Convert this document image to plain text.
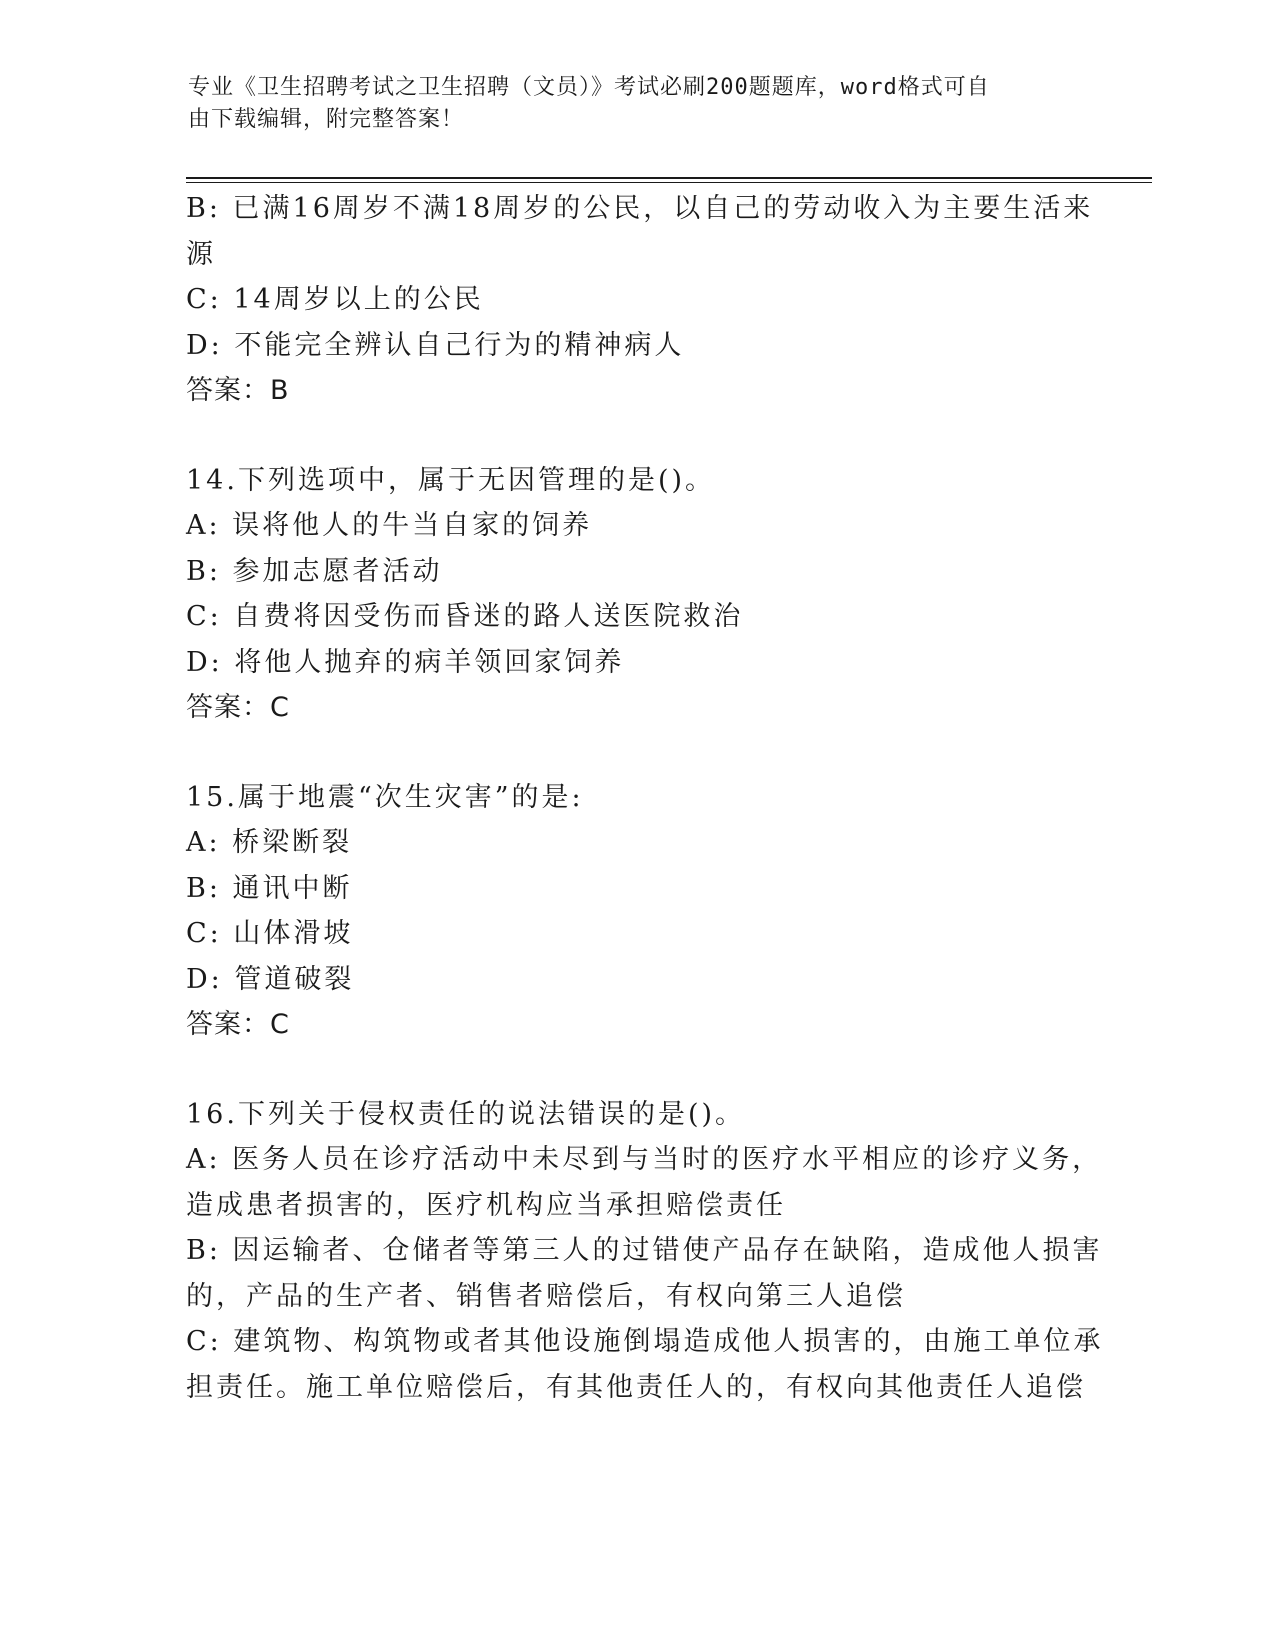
专业《卫生招聘考试之卫生招聘（文员）》考试必刷200题题库，word格式可自
由下载编辑，附完整答案！
B: 已满16周岁不满18周岁的公民，以自己的劳动收入为主要生活来
源
C: 14周岁以上的公民
D: 不能完全辨认自己行为的精神病人
答案：B
14.下列选项中，属于无因管理的是()。
A: 误将他人的牛当自家的饲养
B: 参加志愿者活动
C: 自费将因受伤而昏迷的路人送医院救治
D: 将他人抛弃的病羊领回家饲养
答案：C
15.属于地震“次生灾害”的是:
A: 桥梁断裂
B: 通讯中断
C: 山体滑坡
D: 管道破裂
答案：C
16.下列关于侵权责任的说法错误的是()。
A: 医务人员在诊疗活动中未尽到与当时的医疗水平相应的诊疗义务，
造成患者损害的，医疗机构应当承担赔偿责任
B: 因运输者、仓储者等第三人的过错使产品存在缺陷，造成他人损害
的，产品的生产者、销售者赔偿后，有权向第三人追偿
C: 建筑物、构筑物或者其他设施倒塌造成他人损害的，由施工单位承
担责任。施工单位赔偿后，有其他责任人的，有权向其他责任人追偿
